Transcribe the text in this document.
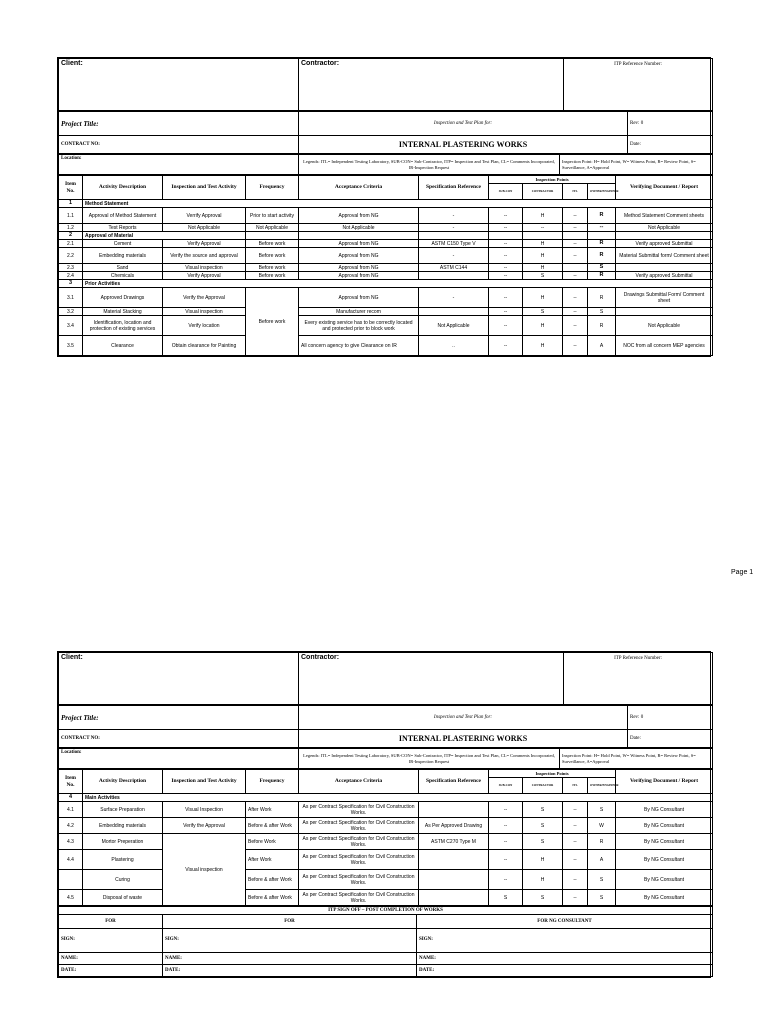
Client:	Contractor:	ITP Reference Number:
Project Title:	Inspection and Test Plan for:	Rev: 0
CONTRACT NO:	INTERNAL PLASTERING WORKS	Date:
Location:	Legends: ITL= Independent Testing Laboratory, SUB-CON= Sub-Contractor, ITP= Inspection and Test Plan, CL= Comments Incorporated, IR-Inspection Request	Inspection Point: H= Hold Point, W= Witness Point, R= Review Point, S= Surveillance, A=Approval
Item No.	Activity Description	Inspection and Test Activity	Frequency	Acceptance Criteria	Specification Reference	Inspection Points				Verifying Document / Report
						SUB-CON	CONTRACTOR	ITL	OWNER/ENGINEER	
1	Method Statement									
1.1	Approval of Method Statement	Verrify Approval	Prior to start activity	Approval from NG	-	--	H	--	R	Method Statement Comment sheets
1.2	Test Reports	Not Applicable	Not Applicable	Not Applicable	-	--	--	--	--	Not Applicable
2	Approval of Material									
2.1	Cement	Verify Approval	Before work	Approval from NG	ASTM C150 Type V	--	H	--	R	Verify approved Submittal
2.2	Embedding materials	Verify the source and approval	Before work	Approval from NG	-	--	H	--	R	Material Submittal form/ Comment sheet
2.3	Sand	Visual inspection	Before work	Approval from NG	ASTM C144	--	H		S	
2.4	Chemicals	Verify Approval	Before work	Approval from NG		--	S	--	R	Verify approved Submittal
3	Prior Activities									
3.1	Approved Drawings	Verify the Approval	Before work	Approval from NG	-	--	H	--	R	Drawings Submittal Form/ Comment sheet
3.2	Material Stacking	Visual inspection		Manufacturer recom		--	S	--	S	
3.4	Identification, location and protection of existing services	Verify location		Every existing service has to be correctly located and protected prior to block work	Not Applicable	--	H	--	R	Not Applicable
3.5	Clearance	Obtain clearance for Painting		All concern agency to give Clearance on IR	..	--	H	--	A	NOC from all concern MEP agencies
Page 1
Client:	Contractor:	ITP Reference Number:
Project Title:	Inspection and Test Plan for:	Rev: 0
CONTRACT NO:	INTERNAL PLASTERING WORKS	Date:
Location:	Legends: ITL= Independent Testing Laboratory, SUB-CON= Sub-Contractor, ITP= Inspection and Test Plan, CL= Comments Incorporated, IR-Inspection Request	Inspection Point: H= Hold Point, W= Witness Point, R= Review Point, S= Surveillance, A=Approval
Item No.	Activity Description	Inspection and Test Activity	Frequency	Acceptance Criteria	Specification Reference	Inspection Points				Verifying Document / Report
						SUB-CON	CONTRACTOR	ITL	OWNER/ENGINEER	
4	Main Activities									
4.1	Surface Preparation	Visual Inspection	After Work	As per Contract Specification for Civil Construction Works.		--	S	--	S	By NG Consultant
4.2	Embedding materials	Verify the Approval	Before & after Work	As per Contract Specification for Civil Construction Works.	As Per Approved Drawing	--	S	--	W	By NG Consultant
4.3	Mortor Preperation	Visual inspection	Before Work	As per Contract Specification for Civil Construction Works.	ASTM C270 Type M	--	S	--	R	By NG Consultant
4.4	Plastering		After Work	As per Contract Specification for Civil Construction Works.		--	H	--	A	By NG Consultant
	Curing		Before & after Work	As per Contract Specification for Civil Construction Works.		--	H	--	S	By NG Consultant
4.5	Disposal of waste		Before & after Work	As per Contract Specification for Civil Construction Works.		S	S	--	S	By NG Consultant
ITP SIGN OFF – POST COMPLETION OF WORKS		
FOR	FOR	FOR NG CONSULTANT
SIGN:	SIGN:	SIGN:
NAME:	NAME:	NAME:
DATE:	DATE:	DATE:
